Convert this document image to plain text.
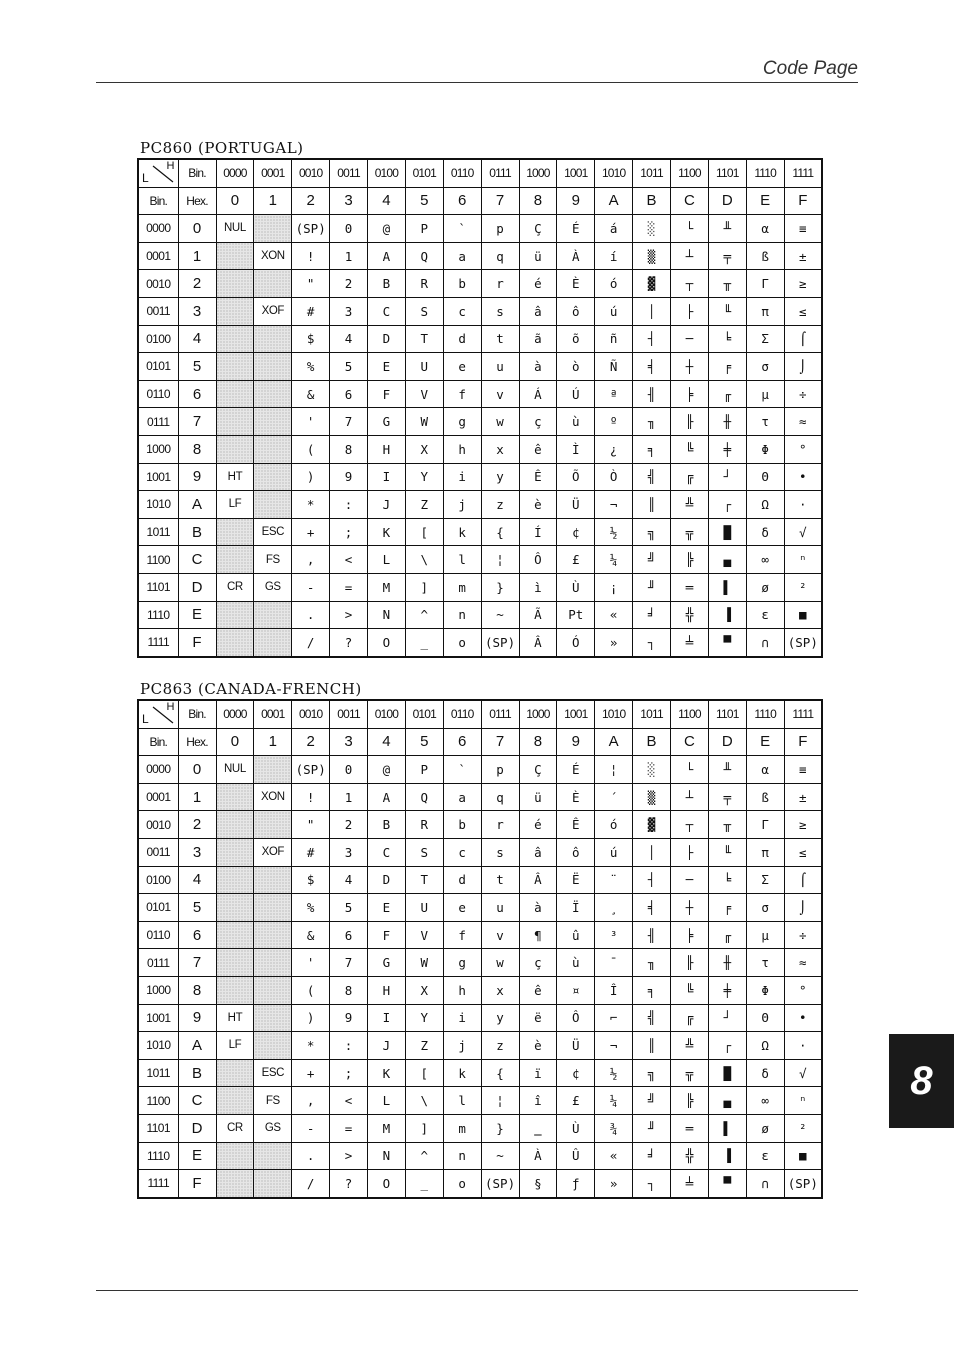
Code Page
PC860 (PORTUGAL)
L
H	Bin.	0000	0001	0010	0011	0100	0101	0110	0111	1000	1001	1010	1011	1100	1101	1110	1111
Bin.	Hex.	0	1	2	3	4	5	6	7	8	9	A	B	C	D	E	F
0000	0	NUL		(SP)	0	@	P	`	p	Ç	É	á	░	└	╨	α	≡
0001	1		XON	!	1	A	Q	a	q	ü	À	í	▒	┴	╤	ß	±
0010	2			"	2	B	R	b	r	é	È	ó	▓	┬	╥	Γ	≥
0011	3		XOF	#	3	C	S	c	s	â	ô	ú	│	├	╙	π	≤
0100	4			$	4	D	T	d	t	ã	õ	ñ	┤	─	╘	Σ	⌠
0101	5			%	5	E	U	e	u	à	ò	Ñ	╡	┼	╒	σ	⌡
0110	6			&	6	F	V	f	v	Á	Ú	ª	╢	╞	╓	µ	÷
0111	7			'	7	G	W	g	w	ç	ù	º	╖	╟	╫	τ	≈
1000	8			(	8	H	X	h	x	ê	Ì	¿	╕	╚	╪	Φ	°
1001	9	HT		)	9	I	Y	i	y	Ê	Õ	Ò	╣	╔	┘	Θ	•
1010	A	LF		*	:	J	Z	j	z	è	Ü	¬	║	╩	┌	Ω	·
1011	B		ESC	+	;	K	[	k	{	Í	¢	½	╗	╦	█	δ	√
1100	C		FS	,	<	L	\	l	¦	Ô	£	¼	╝	╠	▄	∞	ⁿ
1101	D	CR	GS	-	=	M	]	m	}	ì	Ù	¡	╜	═	▌	ø	²
1110	E			.	>	N	^	n	~	Ã	Pt	«	╛	╬	▐	ε	■
1111	F			/	?	O	_	o	(SP)	Â	Ó	»	┐	╧	▀	∩	(SP)
PC863 (CANADA-FRENCH)
L
H	Bin.	0000	0001	0010	0011	0100	0101	0110	0111	1000	1001	1010	1011	1100	1101	1110	1111
Bin.	Hex.	0	1	2	3	4	5	6	7	8	9	A	B	C	D	E	F
0000	0	NUL		(SP)	0	@	P	`	p	Ç	É	¦	░	└	╨	α	≡
0001	1		XON	!	1	A	Q	a	q	ü	È	´	▒	┴	╤	ß	±
0010	2			"	2	B	R	b	r	é	Ê	ó	▓	┬	╥	Γ	≥
0011	3		XOF	#	3	C	S	c	s	â	ô	ú	│	├	╙	π	≤
0100	4			$	4	D	T	d	t	Â	Ë	¨	┤	─	╘	Σ	⌠
0101	5			%	5	E	U	e	u	à	Ï	¸	╡	┼	╒	σ	⌡
0110	6			&	6	F	V	f	v	¶	û	³	╢	╞	╓	µ	÷
0111	7			'	7	G	W	g	w	ç	ù	¯	╖	╟	╫	τ	≈
1000	8			(	8	H	X	h	x	ê	¤	Î	╕	╚	╪	Φ	°
1001	9	HT		)	9	I	Y	i	y	ë	Ô	⌐	╣	╔	┘	Θ	•
1010	A	LF		*	:	J	Z	j	z	è	Ü	¬	║	╩	┌	Ω	·
1011	B		ESC	+	;	K	[	k	{	ï	¢	½	╗	╦	█	δ	√
1100	C		FS	,	<	L	\	l	¦	î	£	¼	╝	╠	▄	∞	ⁿ
1101	D	CR	GS	-	=	M	]	m	}	‗	Ù	¾	╜	═	▌	ø	²
1110	E			.	>	N	^	n	~	À	Û	«	╛	╬	▐	ε	■
1111	F			/	?	O	_	o	(SP)	§	ƒ	»	┐	╧	▀	∩	(SP)
8
